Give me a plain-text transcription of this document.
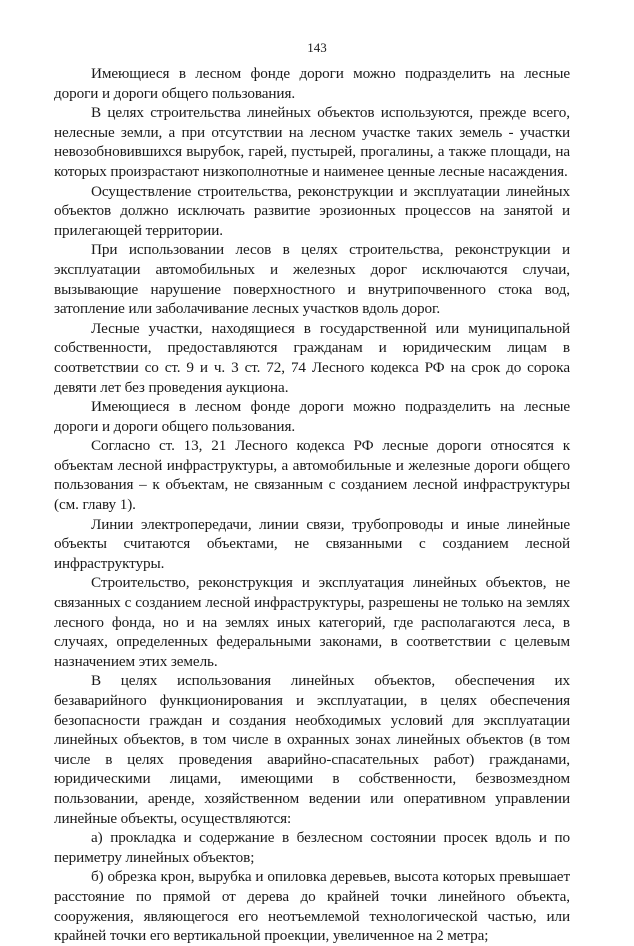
143

Имеющиеся в лесном фонде дороги можно подразделить на лесные дороги и дороги общего пользования.

В целях строительства линейных объектов используются, прежде всего, нелесные земли, а при отсутствии на лесном участке таких земель - участки невозобновившихся вырубок, гарей, пустырей, прогалины, а также площади, на которых произрастают низкополнотные и наименее ценные лесные насаждения.

Осуществление строительства, реконструкции и эксплуатации линейных объектов должно исключать развитие эрозионных процессов на занятой и прилегающей территории.

При использовании лесов в целях строительства, реконструкции и эксплуатации автомобильных и железных дорог исключаются случаи, вызывающие нарушение поверхностного и внутрипочвенного стока вод, затопление или заболачивание лесных участков вдоль дорог.

Лесные участки, находящиеся в государственной или муниципальной собственности, предоставляются гражданам и юридическим лицам в соответствии со ст. 9 и ч. 3 ст. 72, 74 Лесного кодекса РФ на срок до сорока девяти лет без проведения аукциона.

Имеющиеся в лесном фонде дороги можно подразделить на лесные дороги и дороги общего пользования.

Согласно ст. 13, 21 Лесного кодекса РФ лесные дороги относятся к объектам лесной инфраструктуры, а автомобильные и железные дороги общего пользования – к объектам, не связанным с созданием лесной инфраструктуры (см. главу 1).

Линии электропередачи, линии связи, трубопроводы и иные линейные объекты считаются объектами, не связанными с созданием лесной инфраструктуры.

Строительство, реконструкция и эксплуатация линейных объектов, не связанных с созданием лесной инфраструктуры, разрешены не только на землях лесного фонда, но и на землях иных категорий, где располагаются леса, в случаях, определенных федеральными законами, в соответствии с целевым назначением этих земель.

В целях использования линейных объектов, обеспечения их безаварийного функционирования и эксплуатации, в целях обеспечения безопасности граждан и создания необходимых условий для эксплуатации линейных объектов, в том числе в охранных зонах линейных объектов (в том числе в целях проведения аварийно-спасательных работ) гражданами, юридическими лицами, имеющими в собственности, безвозмездном пользовании, аренде, хозяйственном ведении или оперативном управлении линейные объекты, осуществляются:

а) прокладка и содержание в безлесном состоянии просек вдоль и по периметру линейных объектов;

б) обрезка крон, вырубка и опиловка деревьев, высота которых превышает расстояние по прямой от дерева до крайней точки линейного объекта, сооружения, являющегося его неотъемлемой технологической частью, или крайней точки его вертикальной проекции, увеличенное на 2 метра;
